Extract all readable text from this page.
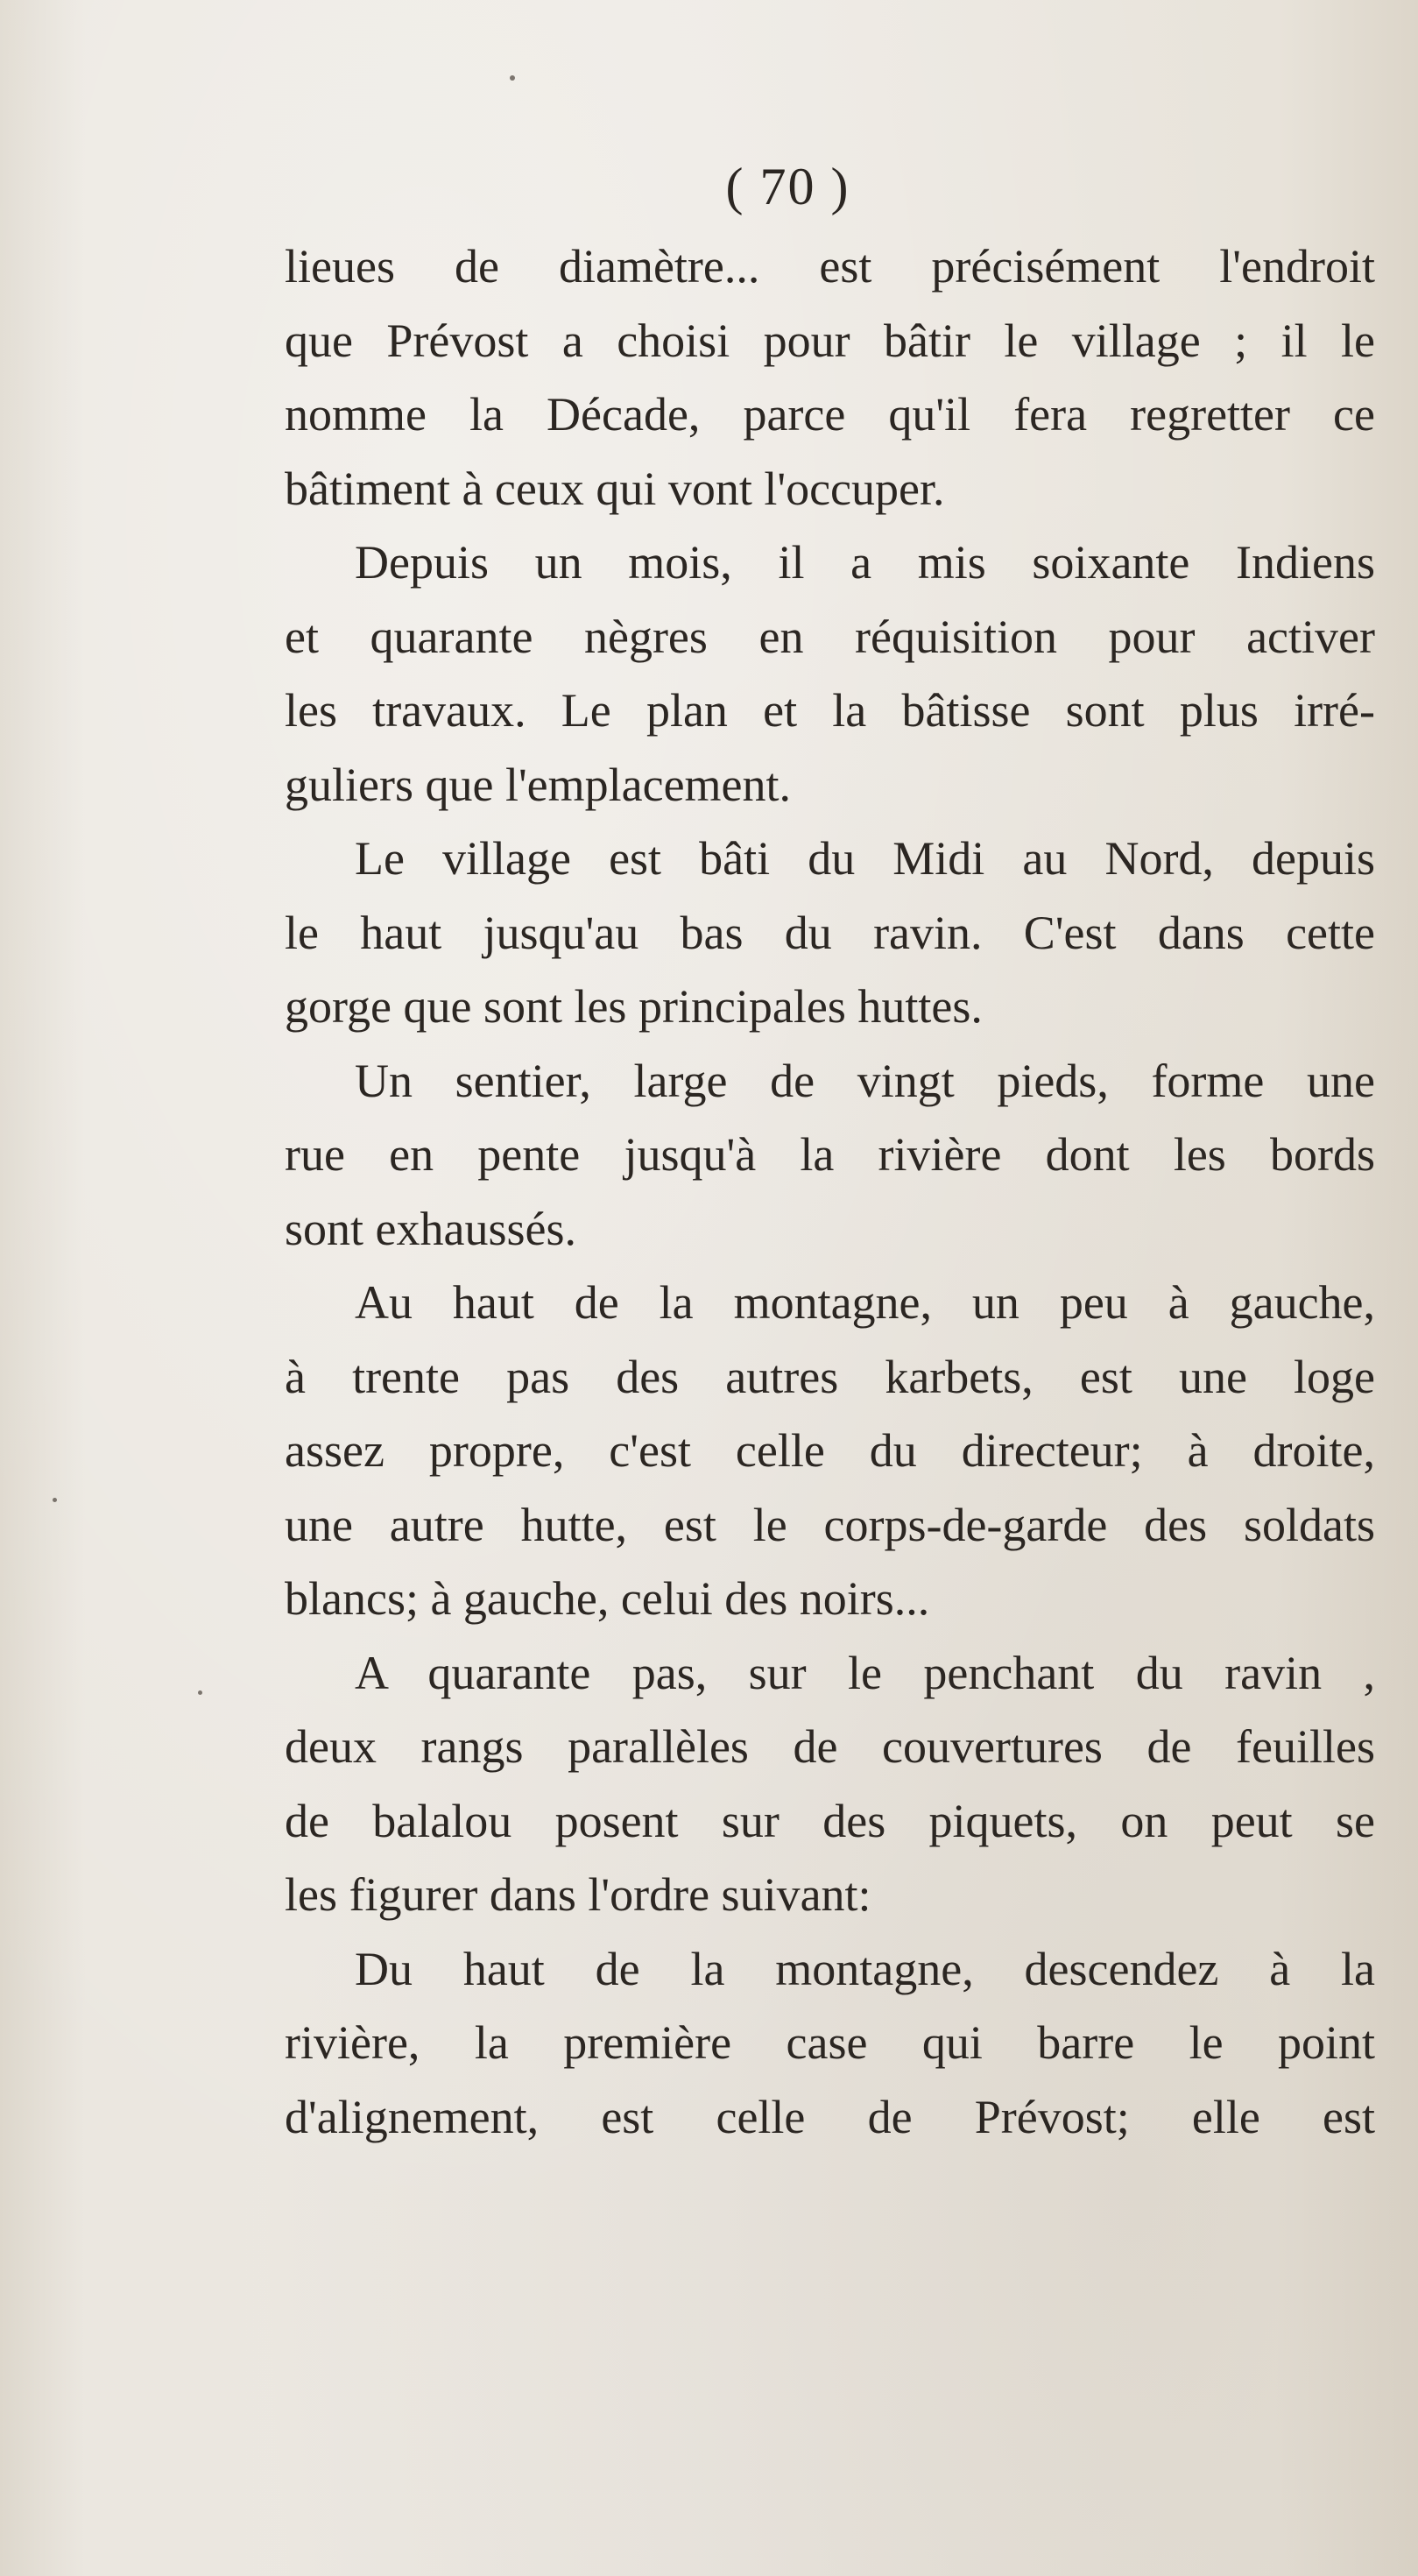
( 70 )
lieues de diamètre... est précisément l'endroit
que Prévost a choisi pour bâtir le village ; il le
nomme la Décade, parce qu'il fera regretter ce
bâtiment à ceux qui vont l'occuper.
Depuis un mois, il a mis soixante Indiens
et quarante nègres en réquisition pour activer
les travaux. Le plan et la bâtisse sont plus irré-
guliers que l'emplacement.
Le village est bâti du Midi au Nord, depuis
le haut jusqu'au bas du ravin. C'est dans cette
gorge que sont les principales huttes.
Un sentier, large de vingt pieds, forme une
rue en pente jusqu'à la rivière dont les bords
sont exhaussés.
Au haut de la montagne, un peu à gauche,
à trente pas des autres karbets, est une loge
assez propre, c'est celle du directeur; à droite,
une autre hutte, est le corps-de-garde des soldats
blancs; à gauche, celui des noirs...
A quarante pas, sur le penchant du ravin ,
deux rangs parallèles de couvertures de feuilles
de balalou posent sur des piquets, on peut se
les figurer dans l'ordre suivant:
Du haut de la montagne, descendez à la
rivière, la première case qui barre le point
d'alignement, est celle de Prévost; elle est
